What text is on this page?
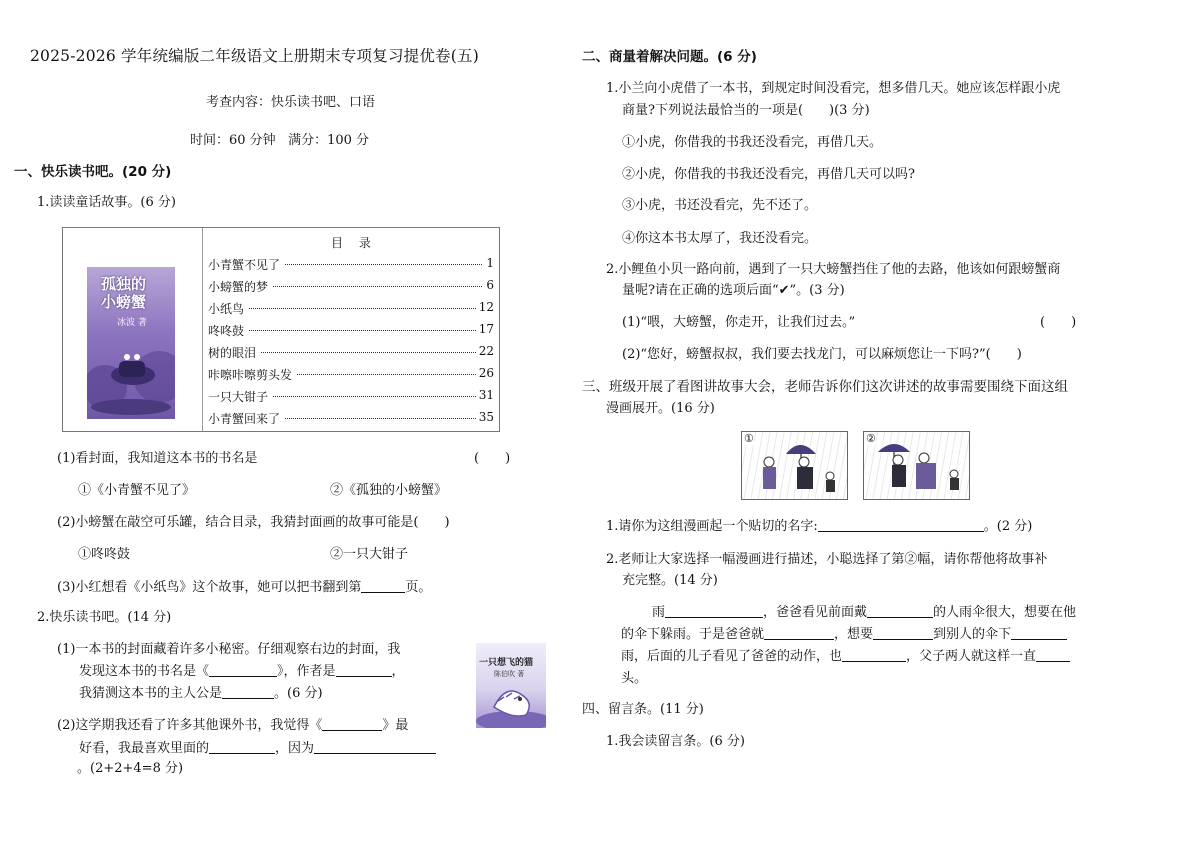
2025-2026 学年统编版二年级语文上册期末专项复习提优卷(五)
考查内容：快乐读书吧、口语
时间：60 分钟   满分：100 分
一、快乐读书吧。(20 分)
1.读读童话故事。(6 分)
孤独的
小螃蟹
冰波 著
目 录
小青蟹不见了	1
小螃蟹的梦	6
小纸鸟	12
咚咚鼓	17
树的眼泪	22
咔嚓咔嚓剪头发	26
一只大钳子	31
小青蟹回来了	35
(1)看封面，我知道这本书的书名是	(　　)
①《小青蟹不见了》	②《孤独的小螃蟹》
(2)小螃蟹在敲空可乐罐，结合目录，我猜封面画的故事可能是(　　)
①咚咚鼓	②一只大钳子
(3)小红想看《小纸鸟》这个故事，她可以把书翻到第	页。
2.快乐读书吧。(14 分)
(1)一本书的封面藏着许多小秘密。仔细观察右边的封面，我
发现这本书的书名是《	》，作者是	，
我猜测这本书的主人公是	。(6 分)
一只想飞的猫
陈伯吹 著
(2)这学期我还看了许多其他课外书，我觉得《	》最
好看，我最喜欢里面的	，因为
。(2+2+4=8 分)
二、商量着解决问题。(6 分)
1.小兰向小虎借了一本书，到规定时间没看完，想多借几天。她应该怎样跟小虎
商量?下列说法最恰当的一项是(　　)(3 分)
①小虎，你借我的书我还没看完，再借几天。
②小虎，你借我的书我还没看完，再借几天可以吗?
③小虎，书还没看完，先不还了。
④你这本书太厚了，我还没看完。
2.小鲤鱼小贝一路向前，遇到了一只大螃蟹挡住了他的去路，他该如何跟螃蟹商
量呢?请在正确的选项后面“✔”。(3 分)
(1)“喂，大螃蟹，你走开，让我们过去。”	(　　)
(2)“您好，螃蟹叔叔，我们要去找龙门，可以麻烦您让一下吗?”(　　)
三、班级开展了看图讲故事大会，老师告诉你们这次讲述的故事需要围绕下面这组
漫画展开。(16 分)
①	②
1.请你为这组漫画起一个贴切的名字:	。(2 分)
2.老师让大家选择一幅漫画进行描述，小聪选择了第②幅，请你帮他将故事补
充完整。(14 分)
雨	，爸爸看见前面戴	的人雨伞很大，想要在他
的伞下躲雨。于是爸爸就	，想要	到别人的伞下
雨，后面的儿子看见了爸爸的动作，也	，父子两人就这样一直
头。
四、留言条。(11 分)
1.我会读留言条。(6 分)
